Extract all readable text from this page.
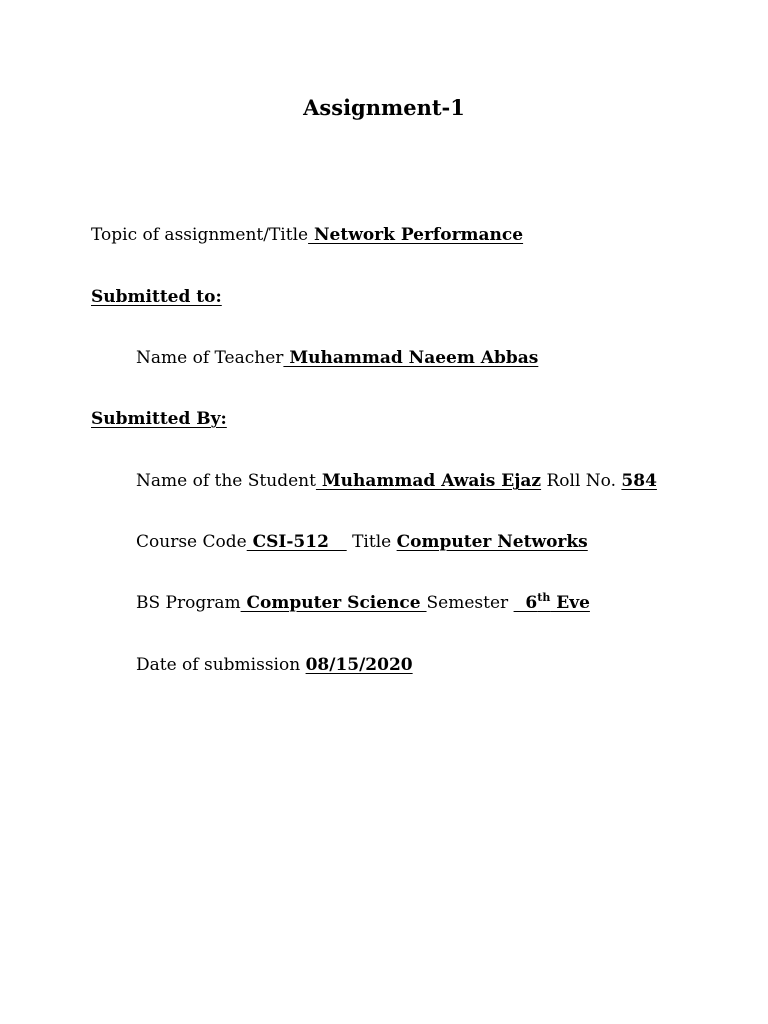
Assignment-1
Topic of assignment/Title Network Performance
Submitted to:
Name of Teacher Muhammad Naeem Abbas
Submitted By:
Name of the Student Muhammad Awais Ejaz Roll No. 584
Course Code CSI-512    Title Computer Networks
BS Program Computer Science Semester   6th Eve
Date of submission 08/15/2020
